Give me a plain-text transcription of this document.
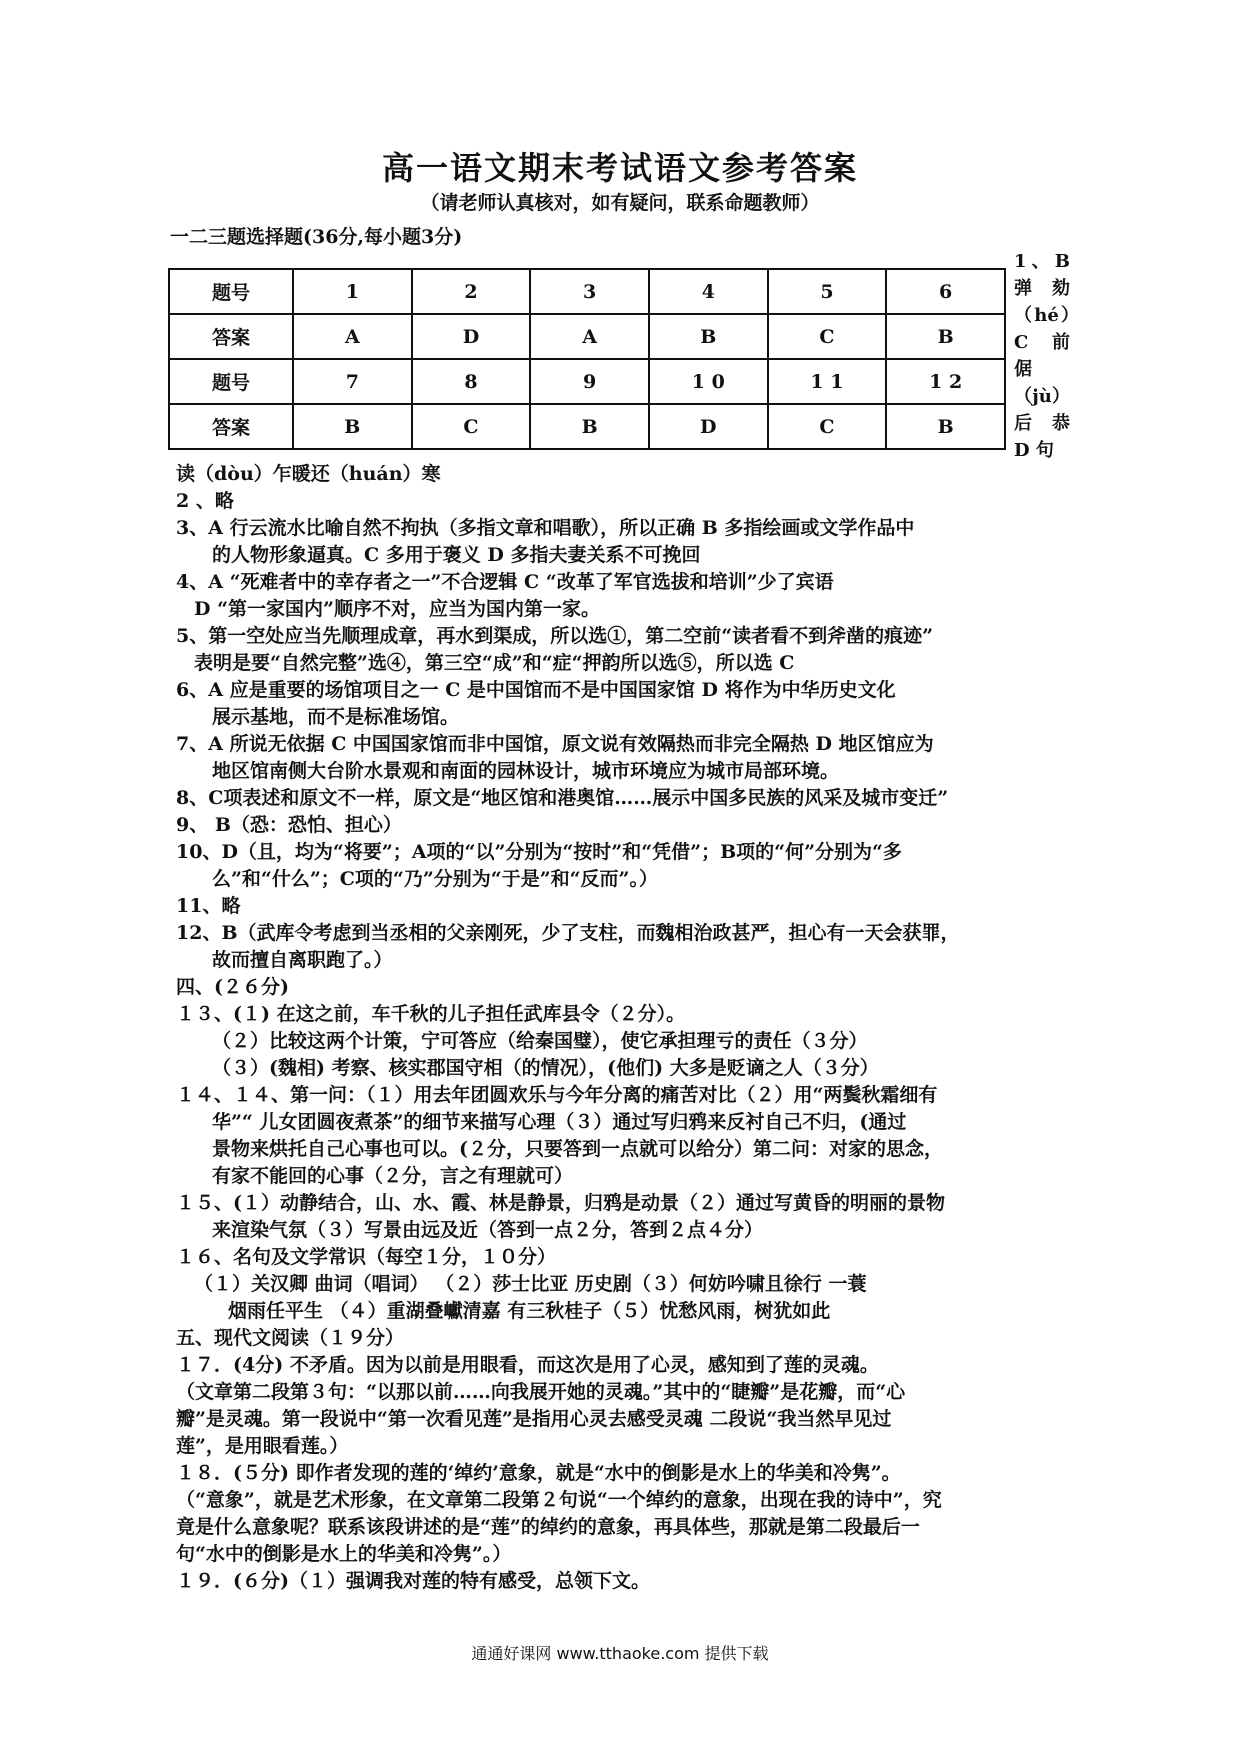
高一语文期末考试语文参考答案
（请老师认真核对，如有疑问，联系命题教师）
一二三题选择题(36分,每小题3分)
题号	1	2	3	4	5	6
答案	A	D	A	B	C	B
题号	7	8	9	1 0	1 1	1 2
答案	B	C	B	D	C	B
1、B 弹劾（hé）C 前倨（jù）后恭 D 句

读（dòu）乍暖还（huán）寒

2 、略

3、A 行云流水比喻自然不拘执（多指文章和唱歌），所以正确 B 多指绘画或文学作品中

的人物形象逼真。C 多用于褒义 D 多指夫妻关系不可挽回

4、A “死难者中的幸存者之一”不合逻辑 C “改革了军官选拔和培训”少了宾语

D “第一家国内”顺序不对，应当为国内第一家。

5、第一空处应当先顺理成章，再水到渠成，所以选①，第二空前“读者看不到斧凿的痕迹”

表明是要“自然完整”选④，第三空“成”和“症“押韵所以选⑤，所以选 C

6、A 应是重要的场馆项目之一 C 是中国馆而不是中国国家馆 D 将作为中华历史文化

展示基地，而不是标准场馆。

7、A 所说无依据 C 中国国家馆而非中国馆，原文说有效隔热而非完全隔热 D 地区馆应为

地区馆南侧大台阶水景观和南面的园林设计，城市环境应为城市局部环境。

8、C项表述和原文不一样，原文是“地区馆和港奥馆……展示中国多民族的风采及城市变迁”

9、 B（恐：恐怕、担心）

10、D（且，均为“将要”；A项的“以”分别为“按时”和“凭借”；B项的“何”分别为“多

么”和“什么”；C项的“乃”分别为“于是”和“反而”。）

11、略

12、B（武库令考虑到当丞相的父亲刚死，少了支柱，而魏相治政甚严，担心有一天会获罪，

故而擅自离职跑了。）

四、(２６分)

１３、(１) 在这之前，车千秋的儿子担任武库县令（２分）。

（２）比较这两个计策，宁可答应（给秦国璧），使它承担理亏的责任（３分）

（３）(魏相) 考察、核实郡国守相（的情况），(他们) 大多是贬谪之人（３分）

１４、１４、第一问：（１）用去年团圆欢乐与今年分离的痛苦对比（２）用“两鬓秋霜细有

华”“ 儿女团圆夜煮茶”的细节来描写心理（３）通过写归鸦来反衬自己不归，(通过

景物来烘托自己心事也可以。(２分，只要答到一点就可以给分）第二问：对家的思念，

有家不能回的心事（２分，言之有理就可）

１５、(１）动静结合，山、水、霞、林是静景，归鸦是动景（２）通过写黄昏的明丽的景物

来渲染气氛（３）写景由远及近（答到一点２分，答到２点４分）

１６、名句及文学常识（每空１分，１０分）

（１）关汉卿 曲词（唱词） （２）莎士比亚 历史剧（３）何妨吟啸且徐行 一蓑

烟雨任平生 （４）重湖叠巘清嘉 有三秋桂子（５）忧愁风雨，树犹如此

五、现代文阅读（１９分）

１７．(4分) 不矛盾。因为以前是用眼看，而这次是用了心灵，感知到了莲的灵魂。

（文章第二段第３句：“以那以前……向我展开她的灵魂。”其中的“睫瓣”是花瓣，而“心

瓣”是灵魂。第一段说中“第一次看见莲”是指用心灵去感受灵魂 二段说“我当然早见过

莲”，是用眼看莲。）

１８．(５分) 即作者发现的莲的‘绰约’意象，就是“水中的倒影是水上的华美和冷隽”。

（“意象”，就是艺术形象，在文章第二段第２句说“一个绰约的意象，出现在我的诗中”，究

竟是什么意象呢？联系该段讲述的是“莲”的绰约的意象，再具体些，那就是第二段最后一

句“水中的倒影是水上的华美和冷隽”。）

１９．(６分)（１）强调我对莲的特有感受，总领下文。

通通好课网 www.tthaoke.com 提供下载
